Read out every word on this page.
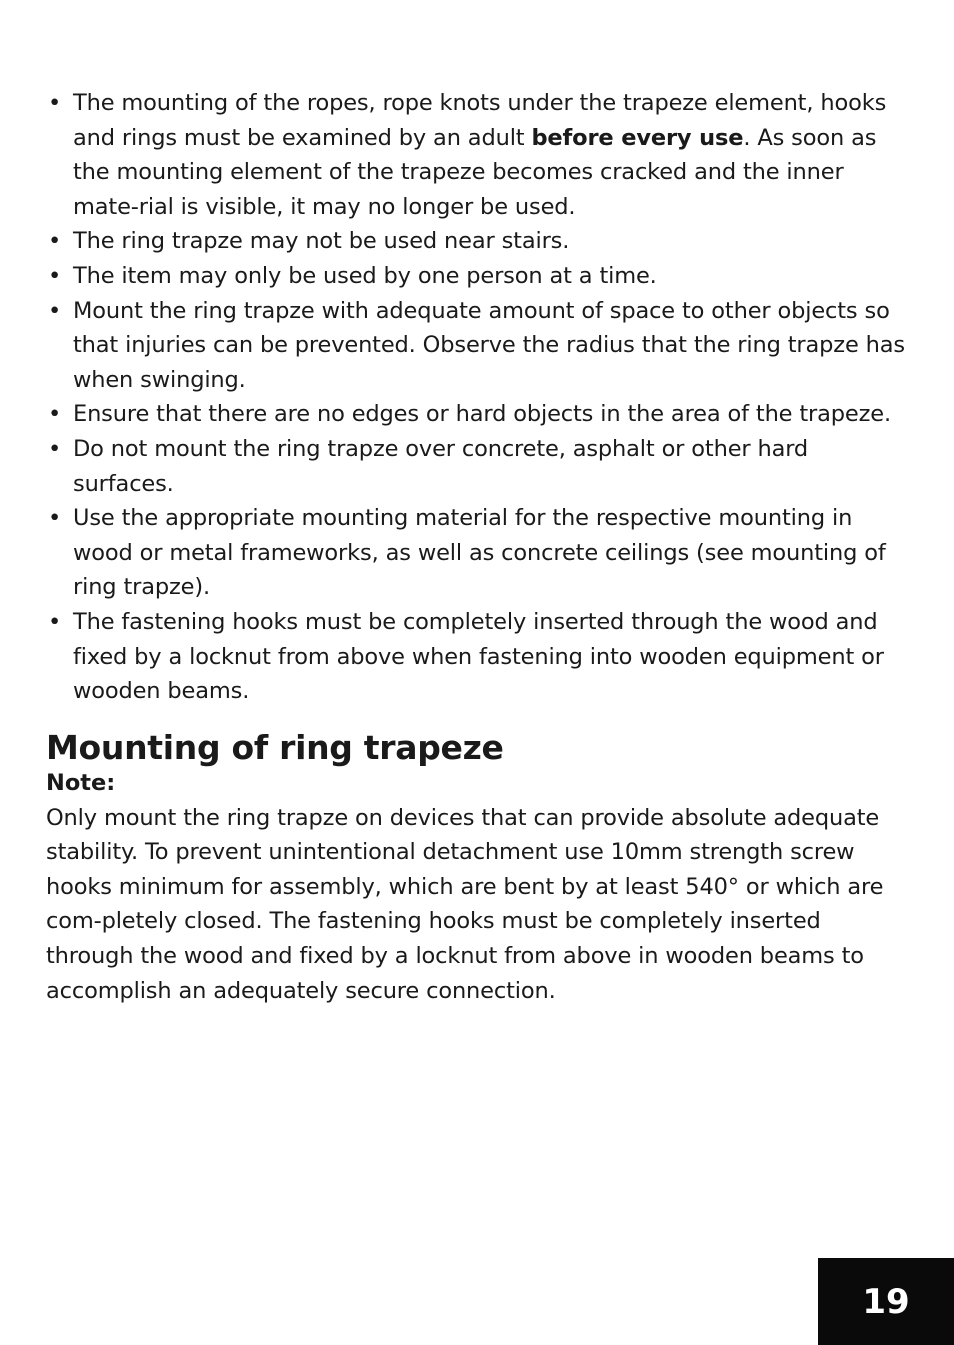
• The mounting of the ropes, rope knots under the trapeze element, hooks and rings must be examined by an adult before every use. As soon as the mounting element of the trapeze becomes cracked and the inner mate-rial is visible, it may no longer be used.
• The ring trapze may not be used near stairs.
• The item may only be used by one person at a time.
• Mount the ring trapze with adequate amount of space to other objects so that injuries can be prevented. Observe the radius that the ring trapze has when swinging.
• Ensure that there are no edges or hard objects in the area of the trapeze.
• Do not mount the ring trapze over concrete, asphalt or other hard surfaces.
• Use the appropriate mounting material for the respective mounting in wood or metal frameworks, as well as concrete ceilings (see mounting of ring trapze).
• The fastening hooks must be completely inserted through the wood and fixed by a locknut from above when fastening into wooden equipment or wooden beams.
Mounting of ring trapeze
Note:

Only mount the ring trapze on devices that can provide absolute adequate stability. To prevent unintentional detachment use 10mm strength screw hooks minimum for assembly, which are bent by at least 540° or which are com-pletely closed. The fastening hooks must be completely inserted through the wood and fixed by a locknut from above in wooden beams to accomplish an adequately secure connection.

19
